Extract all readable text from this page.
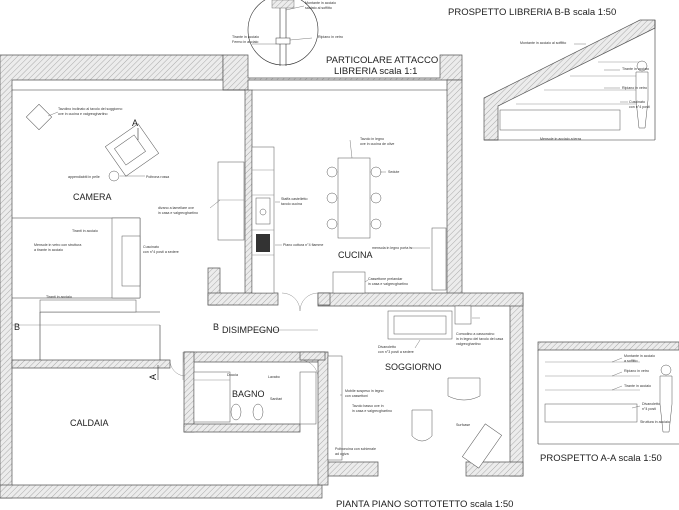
A
A
B	B
CAMERA
CUCINA
DISIMPEGNO
SOGGIORNO
BAGNO
CALDAIA
Tavolino inclinato al tavolo del soggiorno
ove in cucina e valgrecghartino
appendiabiti in pelle	Poltrona rossa
divano a lamellare ove
in casa e valgrecghartino
Tiranti in acciaio
Mensole in vetro con struttura
a tirante in acciaio
Cuscinato
con n°4 posti a sedere
Tiranti in acciaio
Tavolo in legno
ove in cucina de olive
Sedute
Staffa castelletto
tavolo cucina
Piano cottura n°4 fiamme
mensola in legno porta tv
Cassettone prelandar
in casa e valgrecghartino
Divanoletto
con n°3 posti a sedere
Comodino a cassoncino
in in legno del tavolo del casa
valgrecghartino
Doccia	Lavabo
Sanitari
Mobile sospeso in legno
con cassettoni
Tavolo basso ove in
in casa e valgrecghartino
Surfcase
Poltroncina con schienale
ad ogiva
Montante in acciaio
saldato al soffitto
Ripiano in vetro
Tirante in acciaio
Fermo in acciaio	Montante in acciaio al soffitto
Tirante in acciaio
Ripiano in vetro
Cuscinato
con n°4 posti
Mensole in acciaio a terra
Montante in acciaio
a soffitto
Ripiano in vetro
Tirante in acciaio
Divanoletto
n°4 posti
Struttura in acciaio
PARTICOLARE ATTACCO
LIBRERIA scala 1:1
PROSPETTO LIBRERIA B-B scala 1:50
PROSPETTO A-A scala 1:50
PIANTA PIANO SOTTOTETTO scala 1:50
